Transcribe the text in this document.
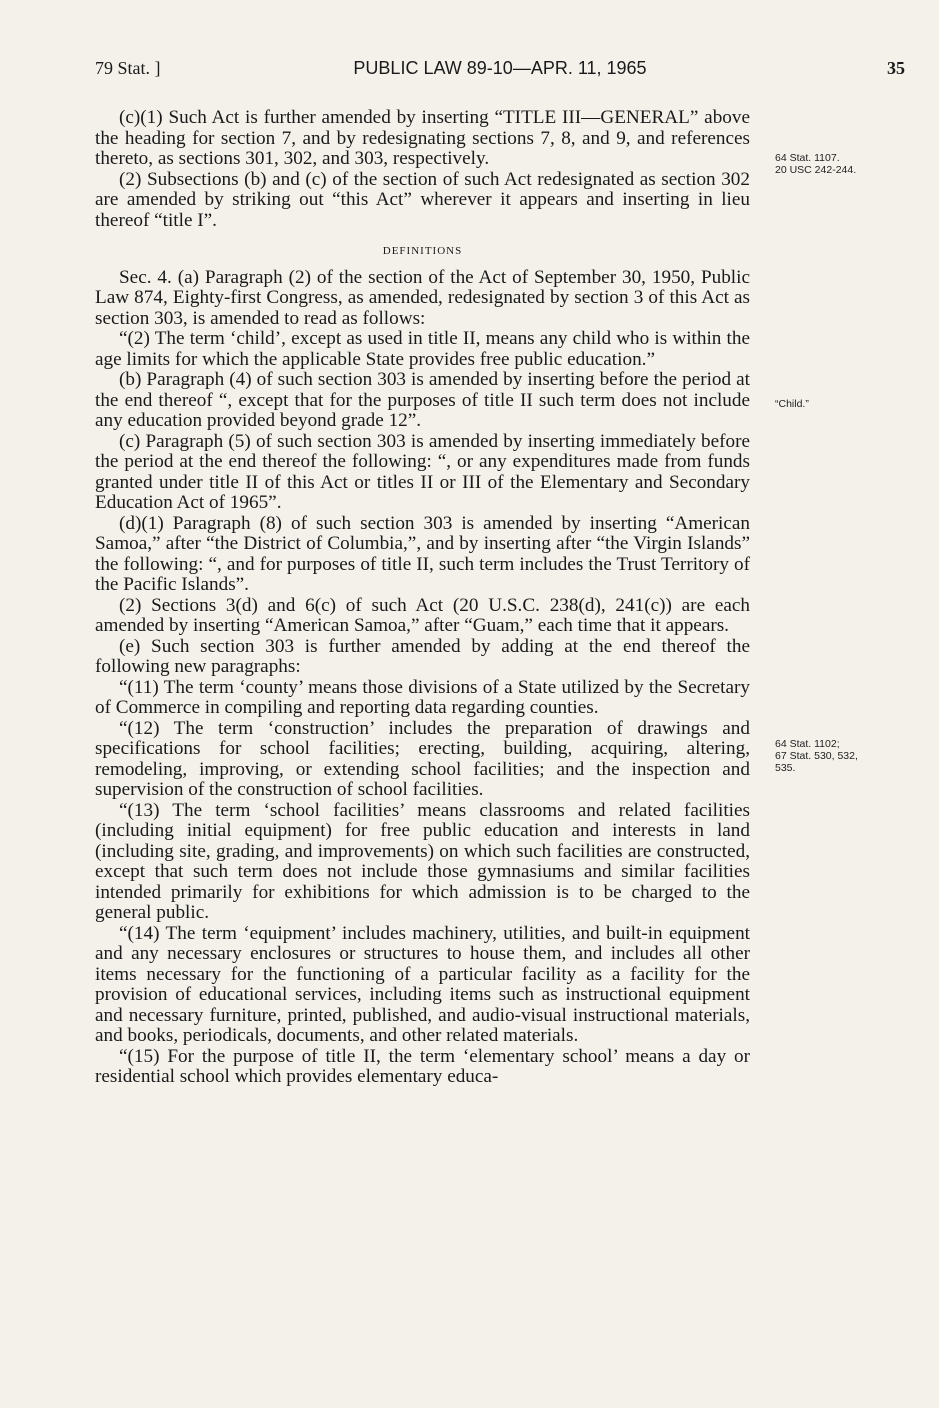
79 Stat. ]	PUBLIC LAW 89-10—APR. 11, 1965	35

(c)(1) Such Act is further amended by inserting “TITLE III—GENERAL” above the heading for section 7, and by redesignating sections 7, 8, and 9, and references thereto, as sections 301, 302, and 303, respectively.

(2) Subsections (b) and (c) of the section of such Act redesignated as section 302 are amended by striking out “this Act” wherever it appears and inserting in lieu thereof “title I”.

DEFINITIONS

Sec. 4. (a) Paragraph (2) of the section of the Act of September 30, 1950, Public Law 874, Eighty-first Congress, as amended, redesignated by section 3 of this Act as section 303, is amended to read as follows:

“(2) The term ‘child’, except as used in title II, means any child who is within the age limits for which the applicable State provides free public education.”

(b) Paragraph (4) of such section 303 is amended by inserting before the period at the end thereof “, except that for the purposes of title II such term does not include any education provided beyond grade 12”.

(c) Paragraph (5) of such section 303 is amended by inserting immediately before the period at the end thereof the following: “, or any expenditures made from funds granted under title II of this Act or titles II or III of the Elementary and Secondary Education Act of 1965”.

(d)(1) Paragraph (8) of such section 303 is amended by inserting “American Samoa,” after “the District of Columbia,”, and by inserting after “the Virgin Islands” the following: “, and for purposes of title II, such term includes the Trust Territory of the Pacific Islands”.

(2) Sections 3(d) and 6(c) of such Act (20 U.S.C. 238(d), 241(c)) are each amended by inserting “American Samoa,” after “Guam,” each time that it appears.

(e) Such section 303 is further amended by adding at the end thereof the following new paragraphs:

“(11) The term ‘county’ means those divisions of a State utilized by the Secretary of Commerce in compiling and reporting data regarding counties.

“(12) The term ‘construction’ includes the preparation of drawings and specifications for school facilities; erecting, building, acquiring, altering, remodeling, improving, or extending school facilities; and the inspection and supervision of the construction of school facilities.

“(13) The term ‘school facilities’ means classrooms and related facilities (including initial equipment) for free public education and interests in land (including site, grading, and improvements) on which such facilities are constructed, except that such term does not include those gymnasiums and similar facilities intended primarily for exhibitions for which admission is to be charged to the general public.

“(14) The term ‘equipment’ includes machinery, utilities, and built-in equipment and any necessary enclosures or structures to house them, and includes all other items necessary for the functioning of a particular facility as a facility for the provision of educational services, including items such as instructional equipment and necessary furniture, printed, published, and audio-visual instructional materials, and books, periodicals, documents, and other related materials.

“(15) For the purpose of title II, the term ‘elementary school’ means a day or residential school which provides elementary educa-

64 Stat. 1107.
20 USC 242-244.
“Child.”
64 Stat. 1102;
67 Stat. 530, 532,
535.
